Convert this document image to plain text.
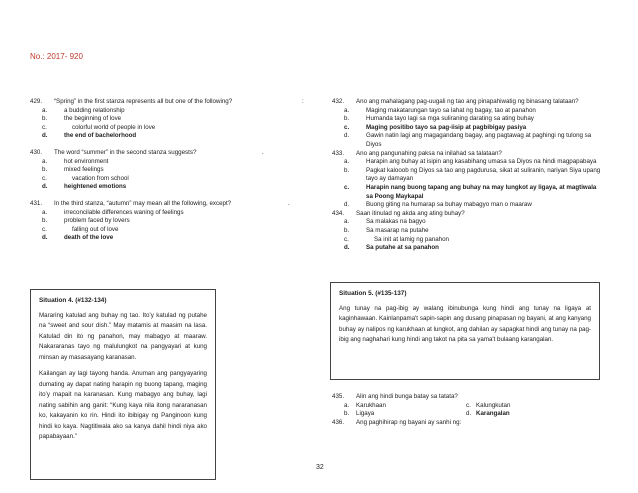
No.: 2017- 920
429. “Spring” in the first stanza represents all but one of the following?	:
a.	a budding relationship
b.	the beginning of love
c.	colorful world of people in love
d.	the end of bachelorhood
430. The word “summer” in the second stanza suggests?	.
a.	hot environment
b.	mixed feelings
c.	vacation from school
d.	heightened emotions
431. In the third stanza, “autumn” may mean all the following, except?	.
a.	irreconcilable differences waning of feelings
b.	problem faced by lovers
c.	falling out of love
d.	death of the love
Situation 4. (#132-134)

Mararing katulad ang buhay ng tao. Ito’y katulad ng putahe na “sweet and sour dish.” May matamis at maasim na lasa. Katulad din ito ng panahon, may mabagyo at maaraw. Nakararanas tayo ng malulungkot na pangyayari at kung minsan ay masasayang karanasan.

Kailangan ay lagi tayong handa. Anuman ang pangyayaring dumating ay dapat nating harapin ng buong tapang, maging ito’y mapait na karanasan. Kung mabagyo ang buhay, lagi nating sabihin ang ganit: “Kung kaya nila itong nararanasan ko, kakayanin ko rin. Hindi ito ibibigay ng Panginoon kung hindi ko kaya. Nagtitiwala ako sa kanya dahil hindi niya ako papabayaan.”

432. Ano ang mahalagang pag-uugali ng tao ang pinapahiwatig ng binasang talataan?
a.	Maging makatarungan tayo sa lahat ng bagay, tao at panahon
b.	Humanda tayo lagi sa mga suliraning darating sa ating buhay
c.	Maging positibo tayo sa pag-iisip at pagbibigay pasiya
d.	Gawin natin lagi ang magagandang bagay, ang pagtawag at paghingi ng tulong sa Diyos
433. Ano ang pangunahing paksa na inilahad sa talataan?
a.	Harapin ang buhay at isipin ang kasabihang umasa sa Diyos na hindi magpapabaya
b.	Pagkat kalooob ng Diyos sa tao ang pagdurusa, sikat at suliranin, nariyan Siya upang tayo ay damayan
c.	Harapin nang buong tapang ang buhay na may lungkot ay ligaya, at magtiwala sa Poong Maykapal
d.	Buong giting na humarap sa buhay mabagyo man o maaraw
434. Saan itinulad ng akda ang ating buhay?
a.	Sa malakas na bagyo
b.	Sa masarap na putahe
c.	Sa init at lamig ng panahon
d.	Sa putahe at sa panahon
Situation 5. (#135-137)

Ang tunay na pag-ibig ay walang ibinubunga kung hindi ang tunay na ligaya at kaginhawaan. Kainlanpama't sapin-sapin ang dusang pinapasan ng bayani, at ang kanyang buhay ay nalipos ng karukhaan at lungkot, ang dahilan ay sapagkat hindi ang tunay na pag-ibig ang naghahari kung hindi ang takot na pita sa yama't bulaang karangalan.

435. Alin ang hindi bunga batay sa tatata?
a. Karukhaan	c. Kalungkutan
b. Ligaya	d. Karangalan
436. Ang paghihirap ng bayani ay sanhi ng:
32
